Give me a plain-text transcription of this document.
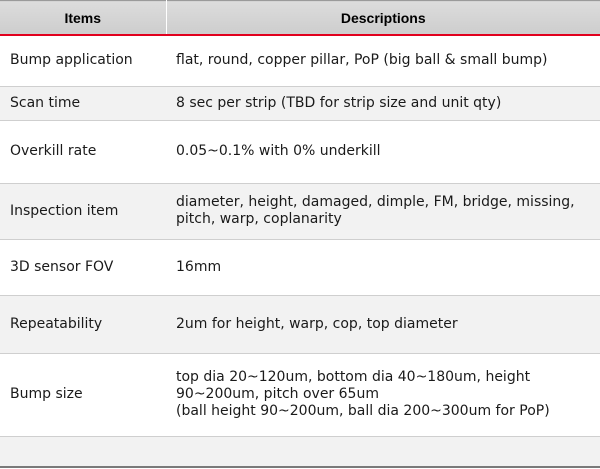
Items	Descriptions

Bump application	flat, round, copper pillar, PoP (big ball & small bump)

Scan time	8 sec per strip (TBD for strip size and unit qty)

Overkill rate	0.05~0.1% with 0% underkill

Inspection item	diameter, height, damaged, dimple, FM, bridge, missing, pitch, warp, coplanarity

3D sensor FOV	16mm

Repeatability	2um for height, warp, cop, top diameter

Bump size	top dia 20~120um, bottom dia 40~180um, height 90~200um, pitch over 65um
(ball height 90~200um, ball dia 200~300um for PoP)
